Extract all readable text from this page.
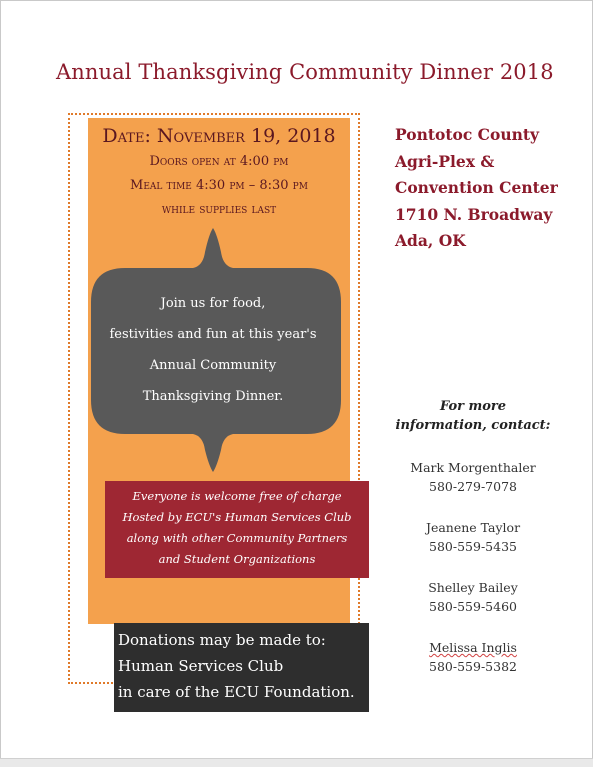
Annual Thanksgiving Community Dinner 2018
Date: November 19, 2018
Doors open at 4:00 pm
Meal time 4:30 pm – 8:30 pm
while supplies last
Join us for food,
festivities and fun at this year's
Annual Community
Thanksgiving Dinner.
Everyone is welcome free of charge
Hosted by ECU's Human Services Club
along with other Community Partners
and Student Organizations
Donations may be made to:
Human Services Club
in care of the ECU Foundation.
Pontotoc County
Agri-Plex &
Convention Center
1710 N. Broadway
Ada, OK
For more
information, contact:
Mark Morgenthaler
580-279-7078
Jeanene Taylor
580-559-5435
Shelley Bailey
580-559-5460
Melissa Inglis
580-559-5382
